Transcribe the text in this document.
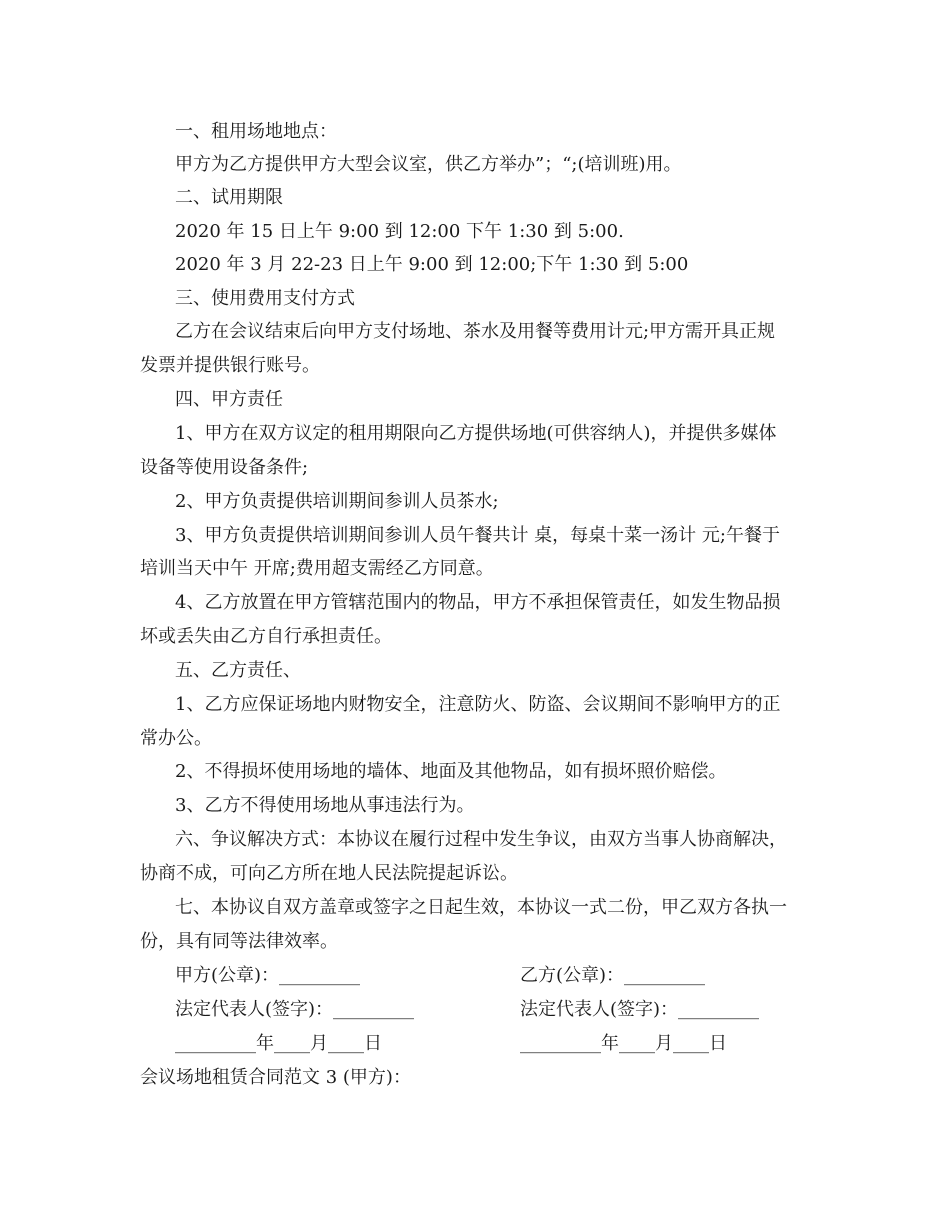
一、租用场地地点：
甲方为乙方提供甲方大型会议室，供乙方举办”；“;(培训班)用。
二、试用期限
2020 年 15 日上午 9:00 到 12:00 下午 1:30 到 5:00.
2020 年 3 月 22-23 日上午 9:00 到 12:00;下午 1:30 到 5:00
三、使用费用支付方式
乙方在会议结束后向甲方支付场地、茶水及用餐等费用计元;甲方需开具正规
发票并提供银行账号。
四、甲方责任
1、甲方在双方议定的租用期限向乙方提供场地(可供容纳人)，并提供多媒体
设备等使用设备条件;
2、甲方负责提供培训期间参训人员茶水;
3、甲方负责提供培训期间参训人员午餐共计 桌，每桌十菜一汤计 元;午餐于
培训当天中午 开席;费用超支需经乙方同意。
4、乙方放置在甲方管辖范围内的物品，甲方不承担保管责任，如发生物品损
坏或丢失由乙方自行承担责任。
五、乙方责任、
1、乙方应保证场地内财物安全，注意防火、防盗、会议期间不影响甲方的正
常办公。
2、不得损坏使用场地的墙体、地面及其他物品，如有损坏照价赔偿。
3、乙方不得使用场地从事违法行为。
六、争议解决方式：本协议在履行过程中发生争议，由双方当事人协商解决，
协商不成，可向乙方所在地人民法院提起诉讼。
七、本协议自双方盖章或签字之日起生效，本协议一式二份，甲乙双方各执一
份，具有同等法律效率。
甲方(公章)：_________	乙方(公章)：_________
法定代表人(签字)：_________	法定代表人(签字)：_________
_________年____月____日	_________年____月____日
会议场地租赁合同范文 3 (甲方)：
